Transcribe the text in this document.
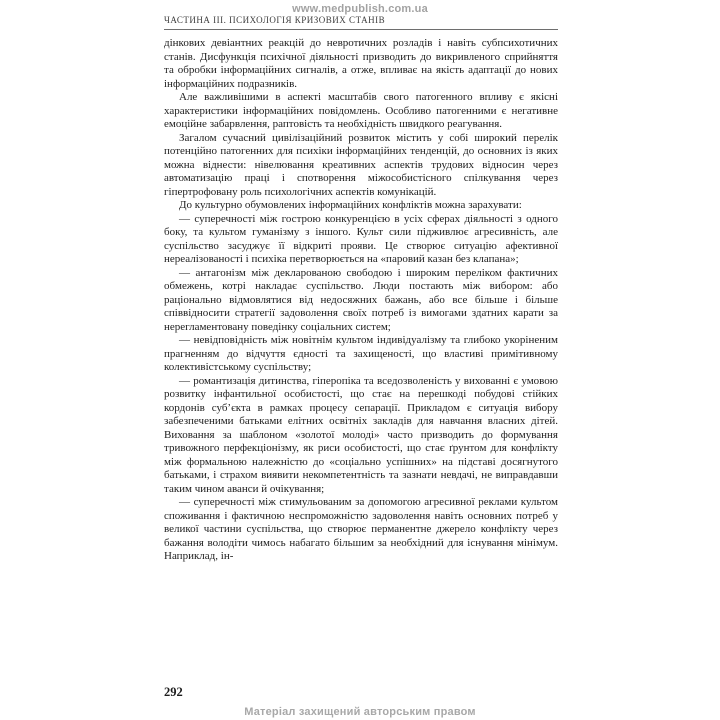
www.medpublish.com.ua
ЧАСТИНА III. ПСИХОЛОГІЯ КРИЗОВИХ СТАНІВ

дінкових девіантних реакцій до невротичних розладів і навіть субпсихотичних станів. Дисфункція психічної діяльності призводить до викривленого сприйняття та обробки інформаційних сигналів, а отже, впливає на якість адаптації до нових інформаційних подразників.

Але важливішими в аспекті масштабів свого патогенного впливу є якісні характеристики інформаційних повідомлень. Особливо патогенними є негативне емоційне забарвлення, раптовість та необхідність швидкого реагування.

Загалом сучасний цивілізаційний розвиток містить у собі широкий перелік потенційно патогенних для психіки інформаційних тенденцій, до основних із яких можна віднести: нівелювання креативних аспектів трудових відносин через автоматизацію праці і спотворення міжособистісного спілкування через гіпертрофовану роль психологічних аспектів комунікацій.

До культурно обумовлених інформаційних конфліктів можна зарахувати:

— суперечності між гострою конкуренцією в усіх сферах діяльності з одного боку, та культом гуманізму з іншого. Культ сили підживлює агресивність, але суспільство засуджує її відкриті прояви. Це створює ситуацію афективної нереалізованості і психіка перетворюється на «паровий казан без клапана»;

— антагонізм між декларованою свободою і широким переліком фактичних обмежень, котрі накладає суспільство. Люди постають між вибором: або раціонально відмовлятися від недосяжних бажань, або все більше і більше співвідносити стратегії задоволення своїх потреб із вимогами здатних карати за нерегламентовану поведінку соціальних систем;

— невідповідність між новітнім культом індивідуалізму та глибоко укоріненим прагненням до відчуття єдності та захищеності, що властиві примітивному колективістському суспільству;

— романтизація дитинства, гіперопіка та вседозволеність у вихованні є умовою розвитку інфантильної особистості, що стає на перешкоді побудові стійких кордонів суб’єкта в рамках процесу сепарації. Прикладом є ситуація вибору забезпеченими батьками елітних освітніх закладів для навчання власних дітей. Виховання за шаблоном «золотої молоді» часто призводить до формування тривожного перфекціонізму, як риси особистості, що стає ґрунтом для конфлікту між формальною належністю до «соціально успішних» на підставі досягнутого батьками, і страхом виявити некомпетентність та зазнати невдачі, не виправдавши таким чином аванси й очікування;

— суперечності між стимульованим за допомогою агресивної реклами культом споживання і фактичною неспроможністю задоволення навіть основних потреб у великої частини суспільства, що створює перманентне джерело конфлікту через бажання володіти чимось набагато більшим за необхідний для існування мінімум. Наприклад, ін-

292
Матеріал захищений авторським правом
